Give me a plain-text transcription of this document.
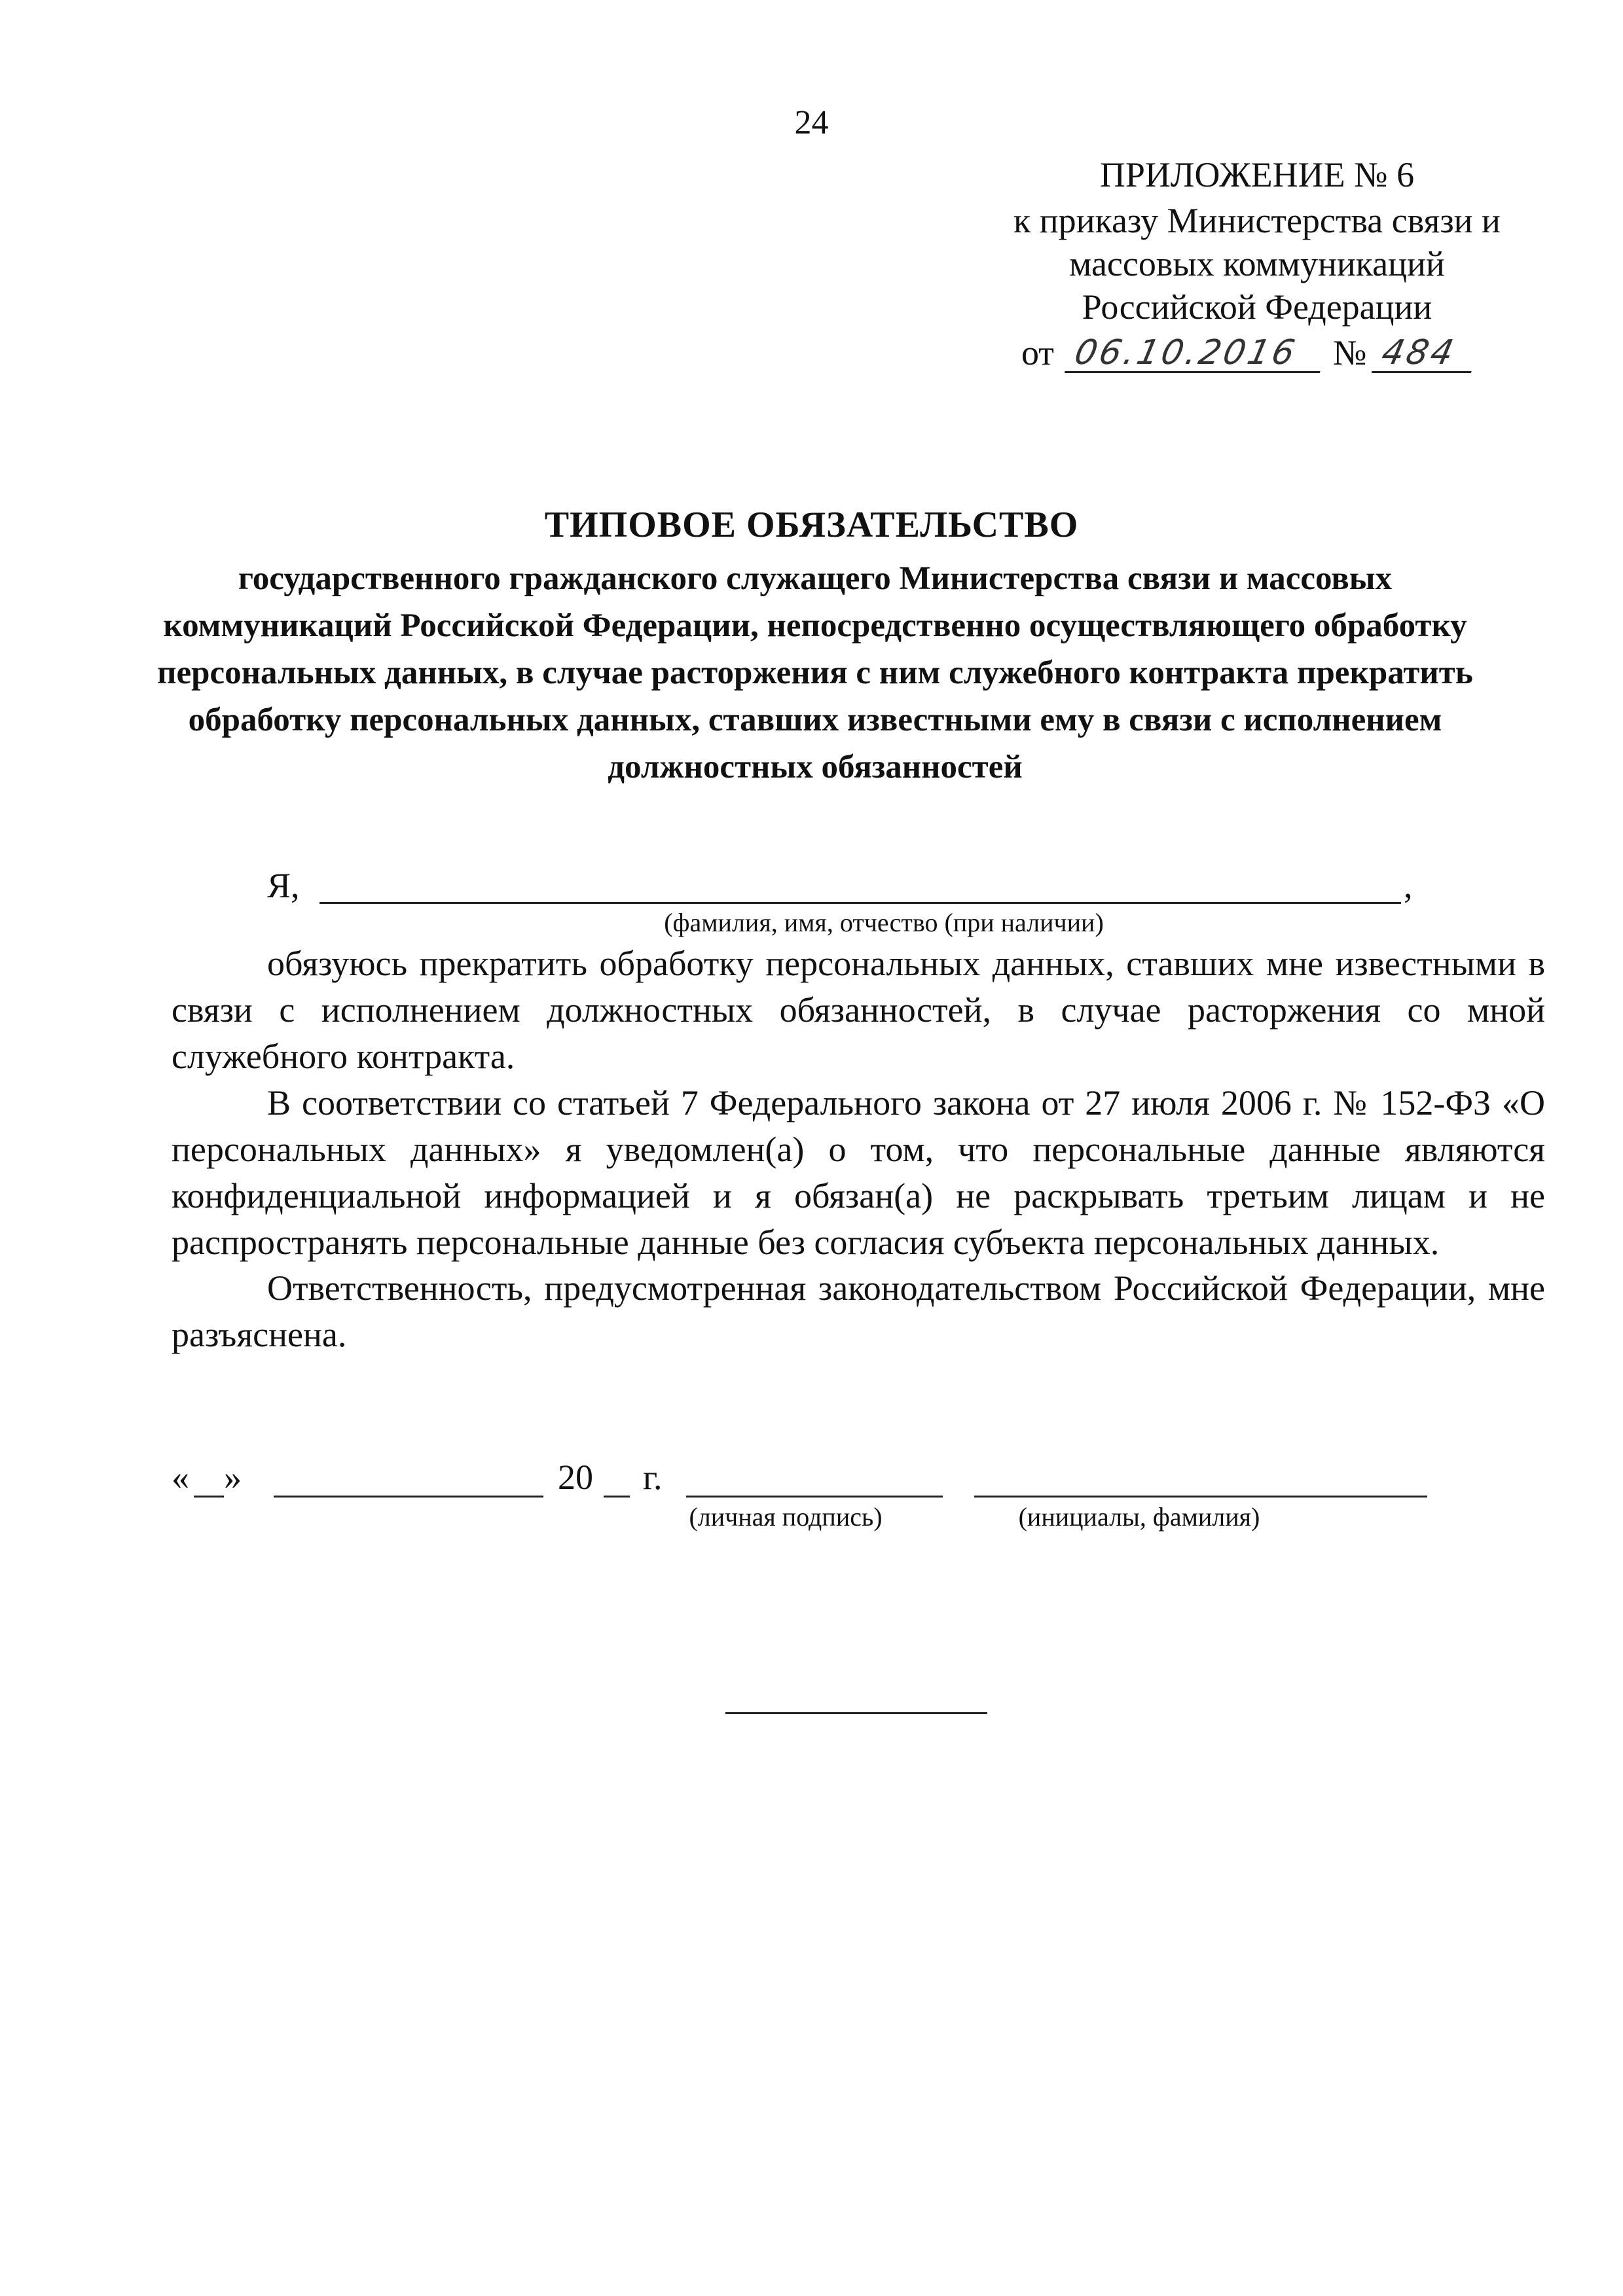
24
ПРИЛОЖЕНИЕ № 6
к приказу Министерства связи и
массовых коммуникаций
Российской Федерации
от 06.10.2016 № 484
ТИПОВОЕ ОБЯЗАТЕЛЬСТВО
государственного гражданского служащего Министерства связи и массовых коммуникаций Российской Федерации, непосредственно осуществляющего обработку персональных данных, в случае расторжения с ним служебного контракта прекратить обработку персональных данных, ставших известными ему в связи с исполнением должностных обязанностей
Я,	,
(фамилия, имя, отчество (при наличии)
обязуюсь прекратить обработку персональных данных, ставших мне известными в связи с исполнением должностных обязанностей, в случае расторжения со мной служебного контракта.
В соответствии со статьей 7 Федерального закона от 27 июля 2006 г. № 152-ФЗ «О персональных данных» я уведомлен(а) о том, что персональные данные являются конфиденциальной информацией и я обязан(а) не раскрывать третьим лицам и не распространять персональные данные без согласия субъекта персональных данных.
Ответственность, предусмотренная законодательством Российской Федерации, мне разъяснена.
« »	20 г.
(личная подпись)	(инициалы, фамилия)
